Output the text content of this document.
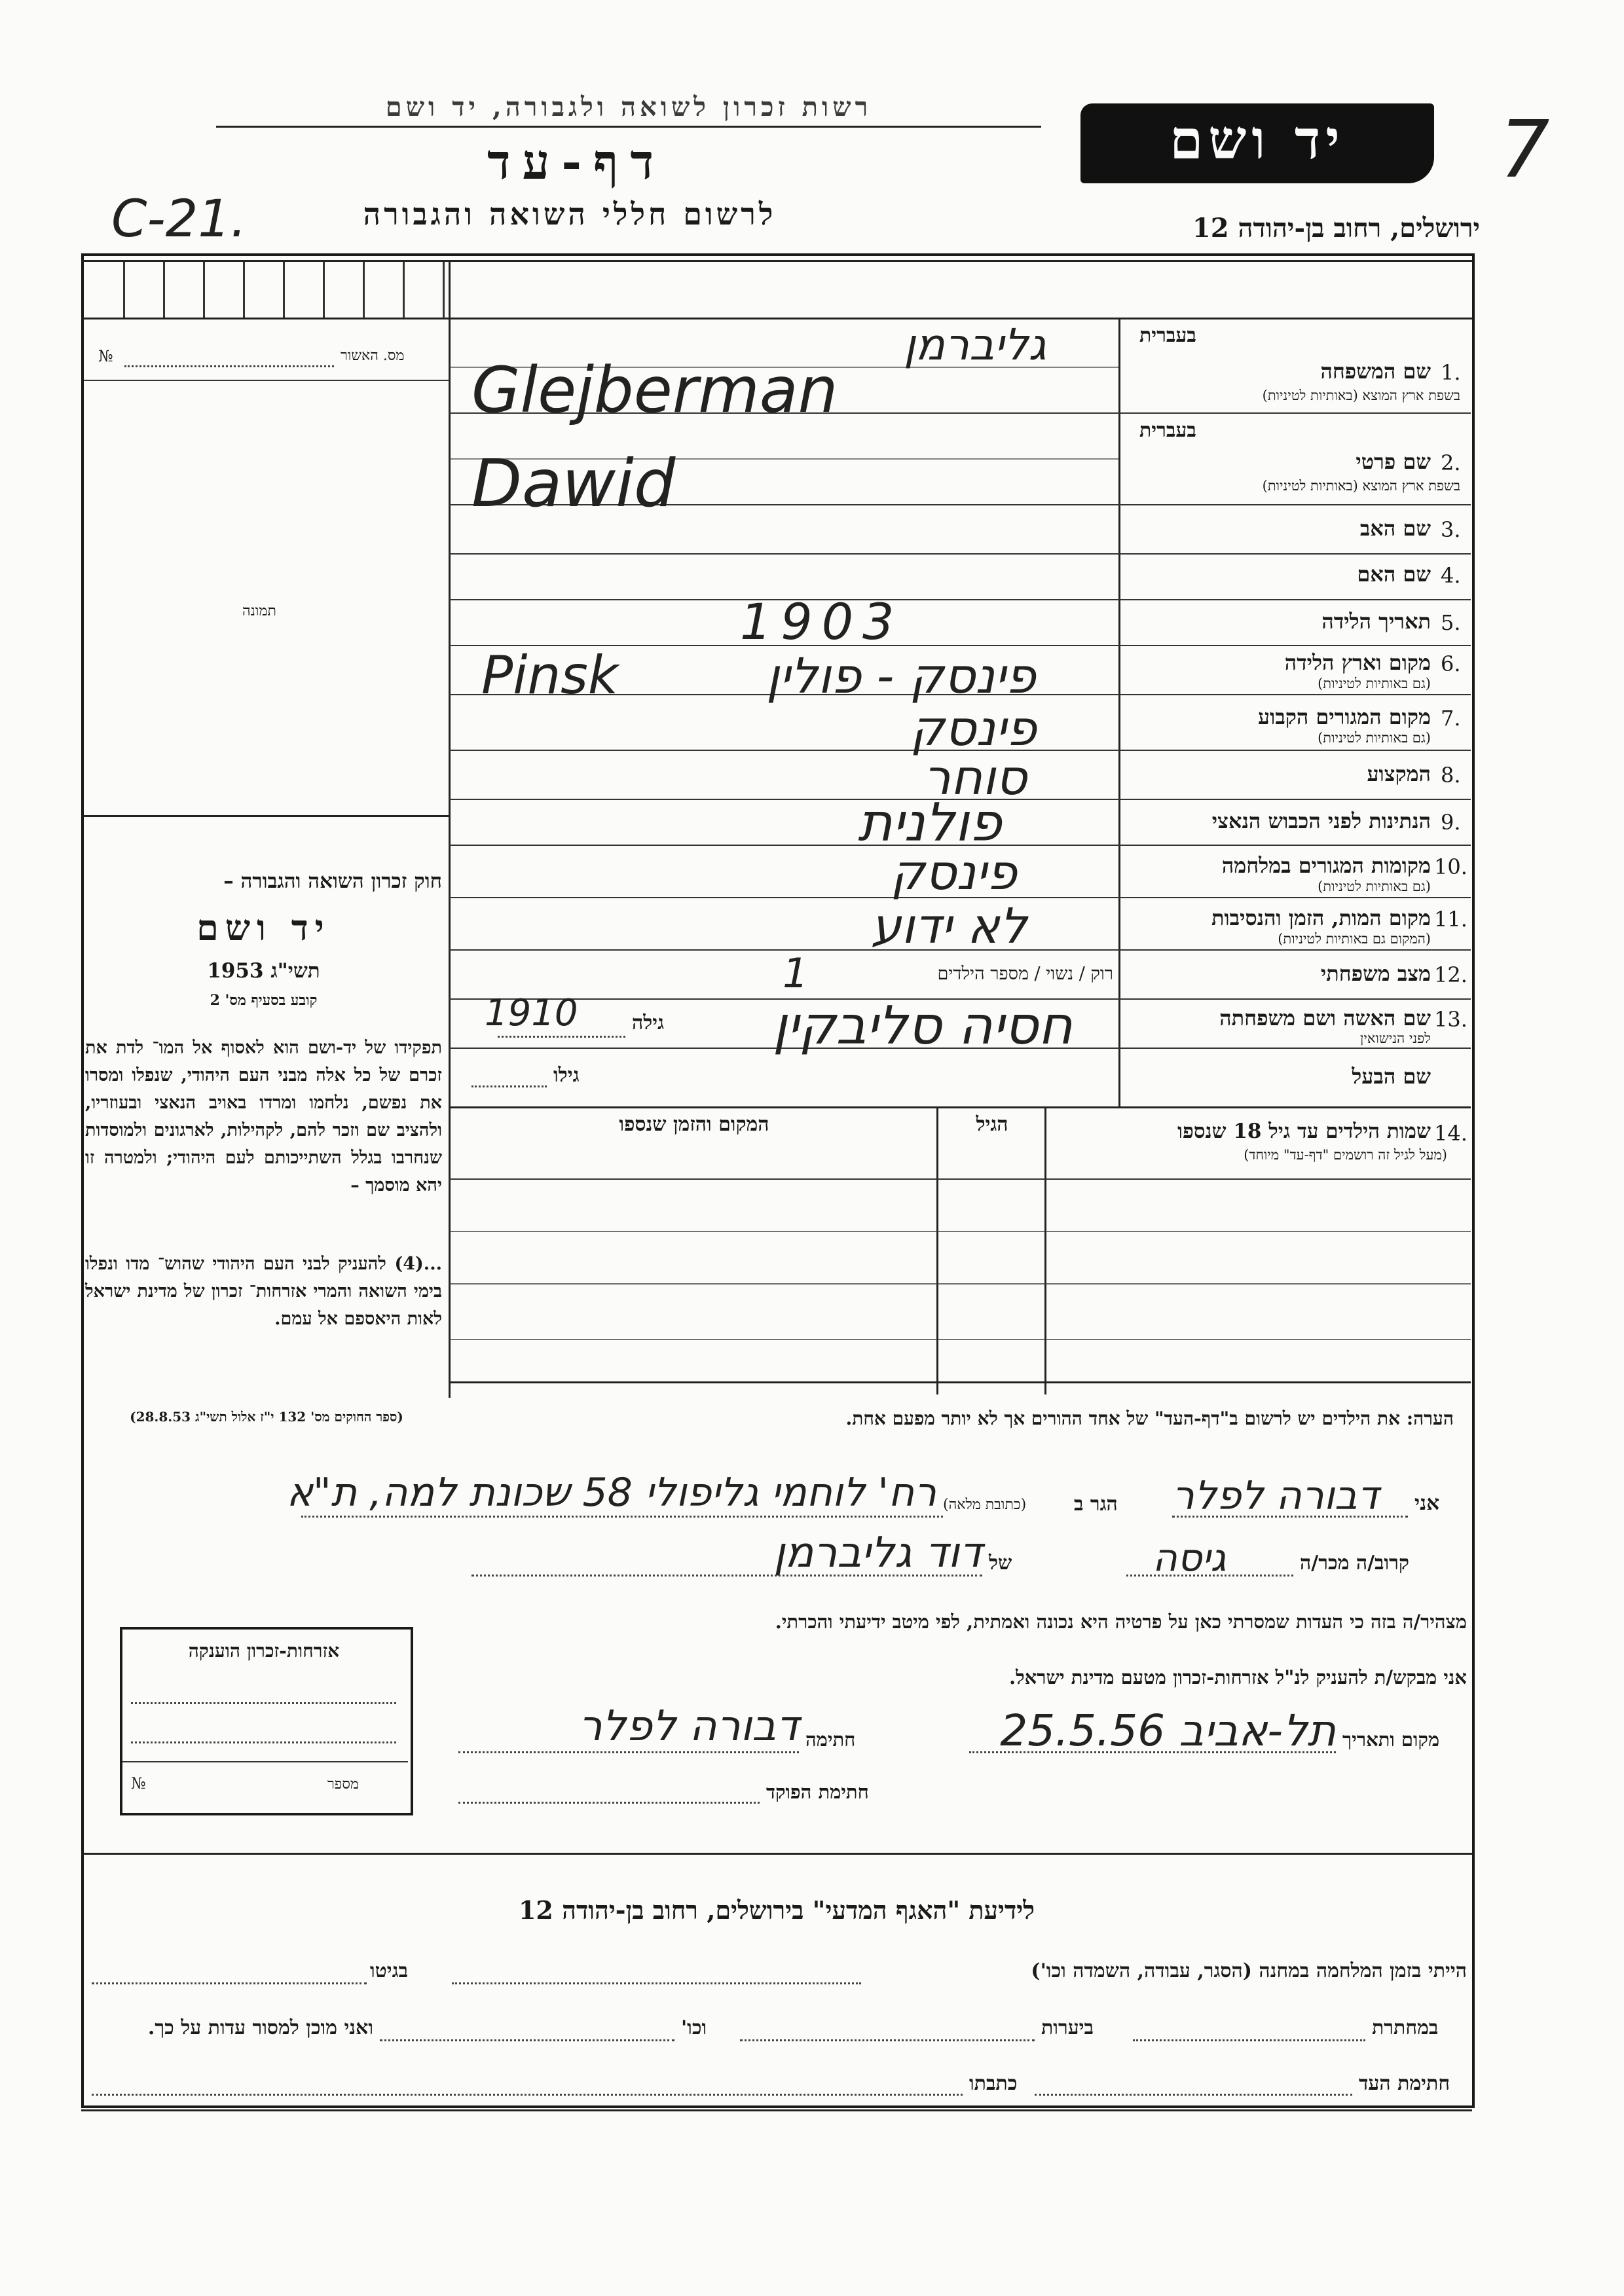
רשות זכרון לשואה ולגבורה, יד ושם
יד ושם
דף-עד
לרשום חללי השואה והגבורה	ירושלים, רחוב בן-יהודה 12
C-21.
7
מס. האשור
№
תמונה
חוק זכרון השואה והגבורה –
יד ושם
תשי"ג 1953
קובע בסעיף מס' 2
תפקידו של יד-ושם הוא לאסוף אל המו־ לדת את זכרם של כל אלה מבני העם היהודי, שנפלו ומסרו את נפשם, נלחמו ומרדו באויב הנאצי ובעוזריו, ולהציב שם וזכר להם, לקהילות, לארגונים ולמוסדות שנחרבו בגלל השתייכותם לעם היהודי; ולמטרה זו יהא מוסמך –
...(4) להעניק לבני העם היהודי שהוש־ מדו ונפלו בימי השואה והמרי אזרחות־ זכרון של מדינת ישראל לאות היאספם אל עמם.
(ספר החוקים מס' 132 י"ז אלול תשי"ג 28.8.53)
בעברית
1.
שם המשפחה
בשפת ארץ המוצא (באותיות לטיניות)
גליברמן
Glejberman
בעברית
2.
שם פרטי
בשפת ארץ המוצא (באותיות לטיניות)
Dawid
3.
שם האב
4.
שם האם
5.
תאריך הלידה
1903
6.
מקום וארץ הלידה
(גם באותיות לטיניות)
Pinsk	פינסק - פולין
7.
מקום המגורים הקבוע
(גם באותיות לטיניות)
פינסק
8.
המקצוע
סוחר
9.
הנתינות לפני הכבוש הנאצי
פולנית
10.
מקומות המגורים במלחמה
(גם באותיות לטיניות)
פינסק
11.
מקום המות, הזמן והנסיבות
(המקום גם באותיות לטיניות)
לא ידוע
12.
מצב משפחתי
רוק / נשוי / מספר הילדים
1
13.
שם האשה ושם משפחתה
לפני הנישואין
חסיה סליבקין
גילה
1910
שם הבעל
גילו
14.
שמות הילדים עד גיל 18 שנספו
(מעל לגיל זה רושמים "דף-עד" מיוחד)
הגיל
המקום והזמן שנספו
הערה: את הילדים יש לרשום ב"דף-העד" של אחד ההורים אך לא יותר מפעם אחת.
אני
דבורה לפלר
הגר ב
(כתובת מלאה)
רח' לוחמי גליפולי 58 שכונת למה, ת"א
קרוב/ה מכר/ה
גיסה
של
דוד גליברמן
מצהיר/ה בזה כי העדות שמסרתי כאן על פרטיה היא נכונה ואמתית, לפי מיטב ידיעתי והכרתי.
אני מבקש/ת להעניק לנ"ל אזרחות-זכרון מטעם מדינת ישראל.
מקום ותאריך
תל-אביב 25.5.56
חתימה
דבורה לפלר
חתימת הפוקד
אזרחות-זכרון הוענקה
מספר
№
לידיעת "האגף המדעי" בירושלים, רחוב בן-יהודה 12
הייתי בזמן המלחמה במחנה (הסגר, עבודה, השמדה וכו')
בגיטו
במחתרת
ביערות
וכו'
ואני מוכן למסור עדות על כך.
חתימת העד
כתבתו
